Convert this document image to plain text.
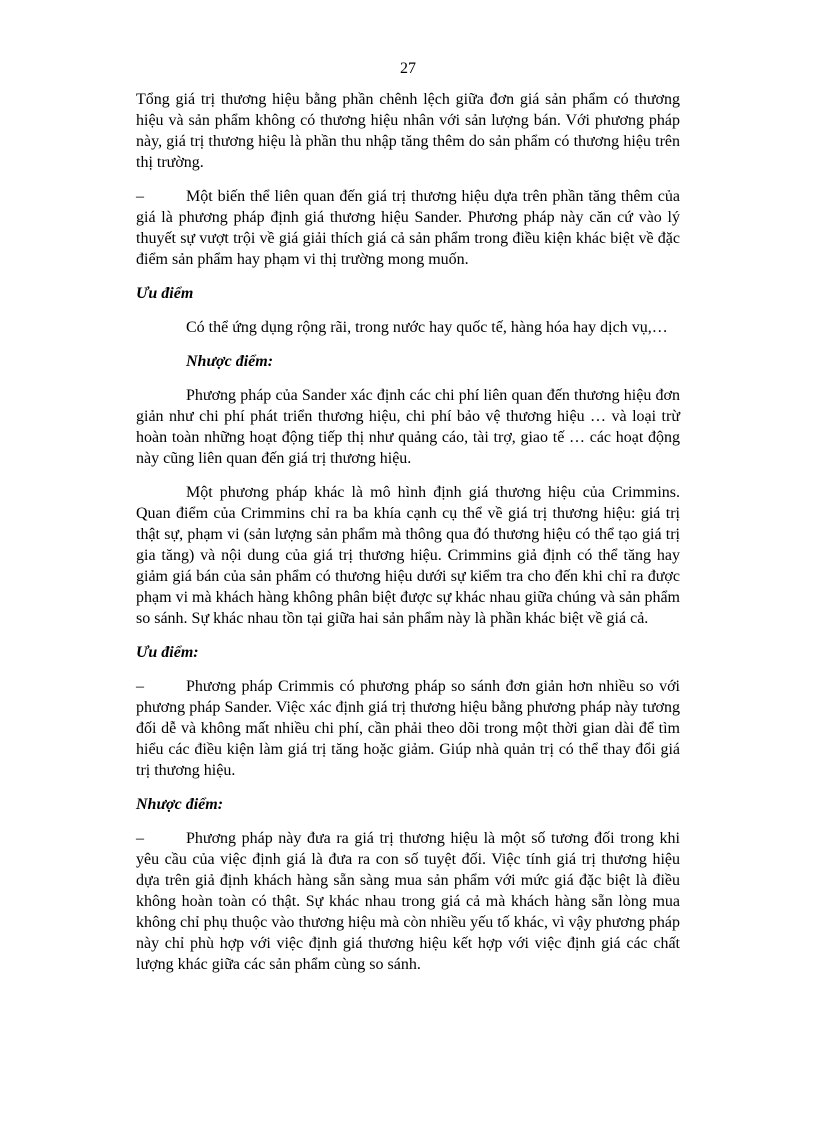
27

Tổng giá trị thương hiệu bằng phần chênh lệch giữa đơn giá sản phẩm có thương hiệu và sản phẩm không có thương hiệu nhân với sản lượng bán. Với phương pháp này, giá trị thương hiệu là phần thu nhập tăng thêm do sản phẩm có thương hiệu trên thị trường.

–	Một biến thể liên quan đến giá trị thương hiệu dựa trên phần tăng thêm của giá là phương pháp định giá thương hiệu Sander. Phương pháp này căn cứ vào lý thuyết sự vượt trội về giá giải thích giá cả sản phẩm trong điều kiện khác biệt về đặc điểm sản phẩm hay phạm vi thị trường mong muốn.

Ưu điểm

Có thể ứng dụng rộng rãi, trong nước hay quốc tế, hàng hóa hay dịch vụ,…

Nhược điểm:

Phương pháp của Sander xác định các chi phí liên quan đến thương hiệu đơn giản như chi phí phát triển thương hiệu, chi phí bảo vệ thương hiệu … và loại trừ hoàn toàn những hoạt động tiếp thị như quảng cáo, tài trợ, giao tế … các hoạt động này cũng liên quan đến giá trị thương hiệu.

Một phương pháp khác là mô hình định giá thương hiệu của Crimmins. Quan điểm của Crimmins chỉ ra ba khía cạnh cụ thể về giá trị thương hiệu: giá trị thật sự, phạm vi (sản lượng sản phẩm mà thông qua đó thương hiệu có thể tạo giá trị gia tăng) và nội dung của giá trị thương hiệu. Crimmins giả định có thể tăng hay giảm giá bán của sản phẩm có thương hiệu dưới sự kiểm tra cho đến khi chỉ ra được phạm vi mà khách hàng không phân biệt được sự khác nhau giữa chúng và sản phẩm so sánh. Sự khác nhau tồn tại giữa hai sản phẩm này là phần khác biệt về giá cả.

Ưu điểm:

–	Phương pháp Crimmis có phương pháp so sánh đơn giản hơn nhiều so với phương pháp Sander. Việc xác định giá trị thương hiệu bằng phương pháp này tương đối dễ và không mất nhiều chi phí, cần phải theo dõi trong một thời gian dài để tìm hiểu các điều kiện làm giá trị tăng hoặc giảm. Giúp nhà quản trị có thể thay đổi giá trị thương hiệu.

Nhược điểm:

–	Phương pháp này đưa ra giá trị thương hiệu là một số tương đối trong khi yêu cầu của việc định giá là đưa ra con số tuyệt đối. Việc tính giá trị thương hiệu dựa trên giả định khách hàng sẵn sàng mua sản phẩm với mức giá đặc biệt là điều không hoàn toàn có thật. Sự khác nhau trong giá cả mà khách hàng sẵn lòng mua không chỉ phụ thuộc vào thương hiệu mà còn nhiều yếu tố khác, vì vậy phương pháp này chỉ phù hợp với việc định giá thương hiệu kết hợp với việc định giá các chất lượng khác giữa các sản phẩm cùng so sánh.
